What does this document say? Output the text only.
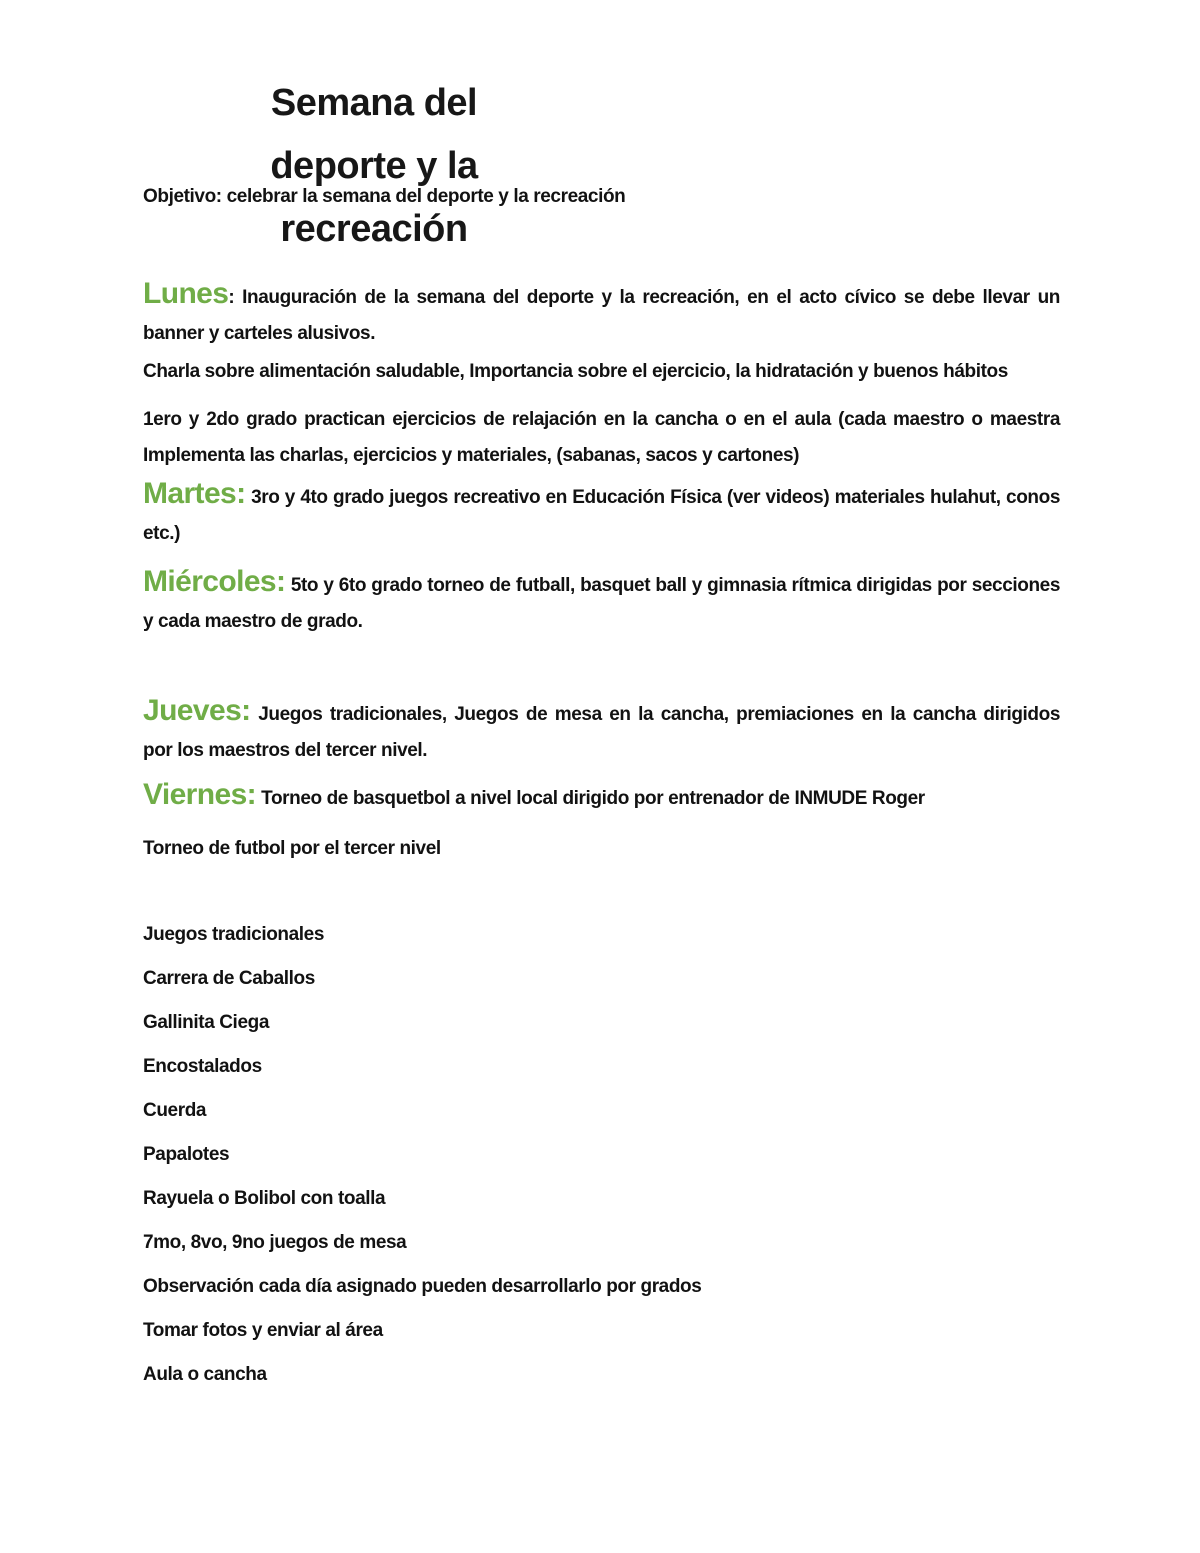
Semana del
deporte y la
recreación

Objetivo: celebrar la semana del deporte y la recreación

Lunes: Inauguración de la semana del deporte y la recreación, en el acto cívico se debe llevar un banner y carteles alusivos.

Charla sobre alimentación saludable, Importancia sobre el ejercicio, la hidratación y buenos hábitos

1ero y 2do grado practican ejercicios de relajación en la cancha o en el aula (cada maestro o maestra Implementa las charlas, ejercicios y materiales, (sabanas, sacos y cartones)

Martes: 3ro y 4to grado juegos recreativo en Educación Física (ver videos) materiales hulahut, conos etc.)

Miércoles: 5to y 6to grado torneo de futball, basquet ball y gimnasia rítmica dirigidas por secciones y cada maestro de grado.

Jueves: Juegos tradicionales, Juegos de mesa en la cancha, premiaciones en la cancha dirigidos por los maestros del tercer nivel.

Viernes: Torneo de basquetbol a nivel local dirigido por entrenador de INMUDE Roger

Torneo de futbol por el tercer nivel

Juegos tradicionales

Carrera de Caballos

Gallinita Ciega

Encostalados

Cuerda

Papalotes

Rayuela o Bolibol con toalla

7mo, 8vo, 9no juegos de mesa

Observación cada día asignado pueden desarrollarlo por grados

Tomar fotos y enviar al área

Aula o cancha
